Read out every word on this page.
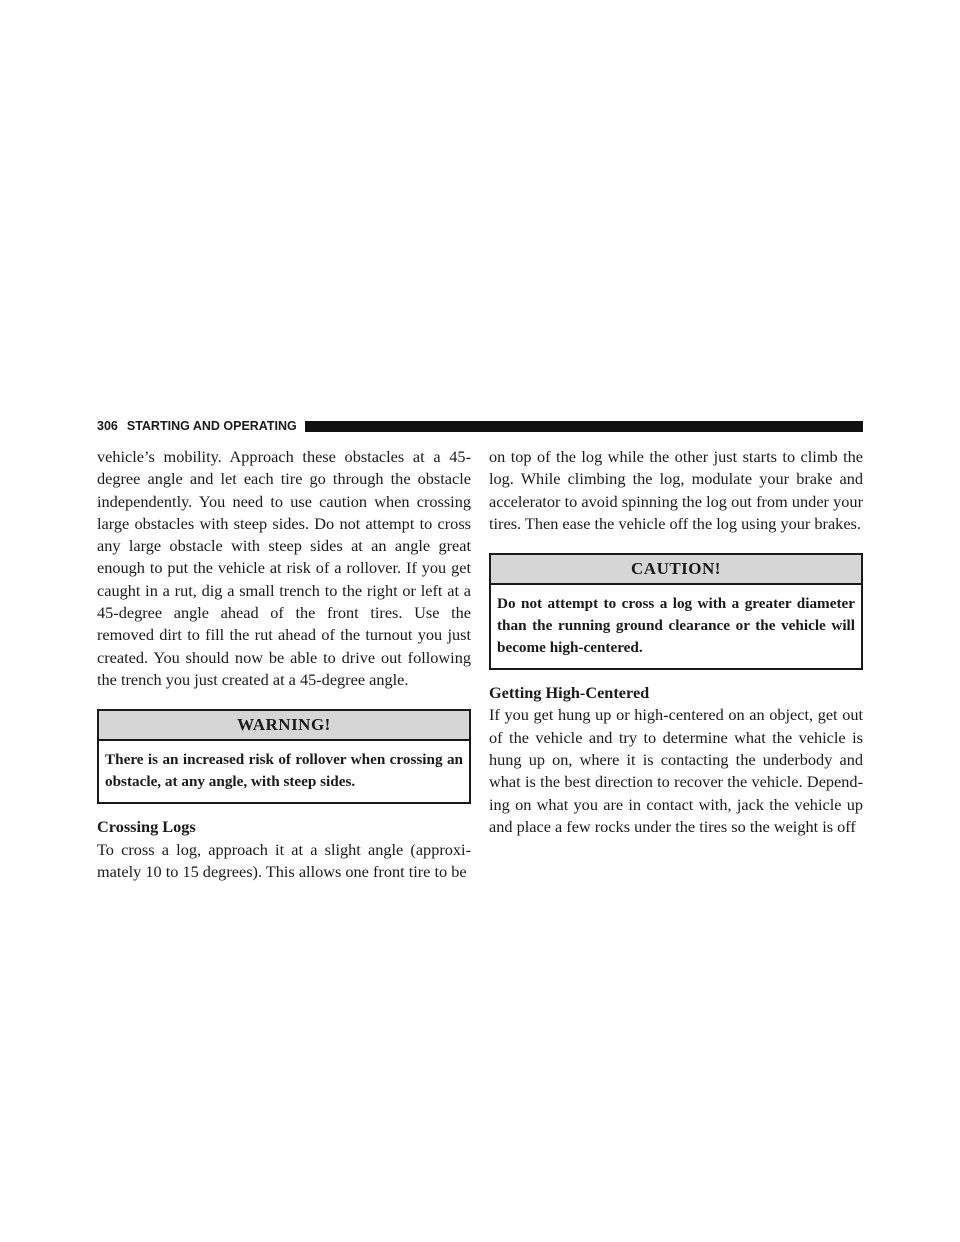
306 STARTING AND OPERATING

vehicle’s mobility. Approach these obstacles at a 45-degree angle and let each tire go through the obstacle independently. You need to use caution when crossing large obstacles with steep sides. Do not attempt to cross any large obstacle with steep sides at an angle great enough to put the vehicle at risk of a rollover. If you get caught in a rut, dig a small trench to the right or left at a 45-degree angle ahead of the front tires. Use the removed dirt to fill the rut ahead of the turnout you just created. You should now be able to drive out following the trench you just created at a 45-degree angle.

WARNING!
There is an increased risk of rollover when crossing an obstacle, at any angle, with steep sides.
Crossing Logs

To cross a log, approach it at a slight angle (approxi-mately 10 to 15 degrees). This allows one front tire to be

on top of the log while the other just starts to climb the log. While climbing the log, modulate your brake and accelerator to avoid spinning the log out from under your tires. Then ease the vehicle off the log using your brakes.

CAUTION!
Do not attempt to cross a log with a greater diameter than the running ground clearance or the vehicle will become high-centered.
Getting High-Centered

If you get hung up or high-centered on an object, get out of the vehicle and try to determine what the vehicle is hung up on, where it is contacting the underbody and what is the best direction to recover the vehicle. Depend-ing on what you are in contact with, jack the vehicle up and place a few rocks under the tires so the weight is off
